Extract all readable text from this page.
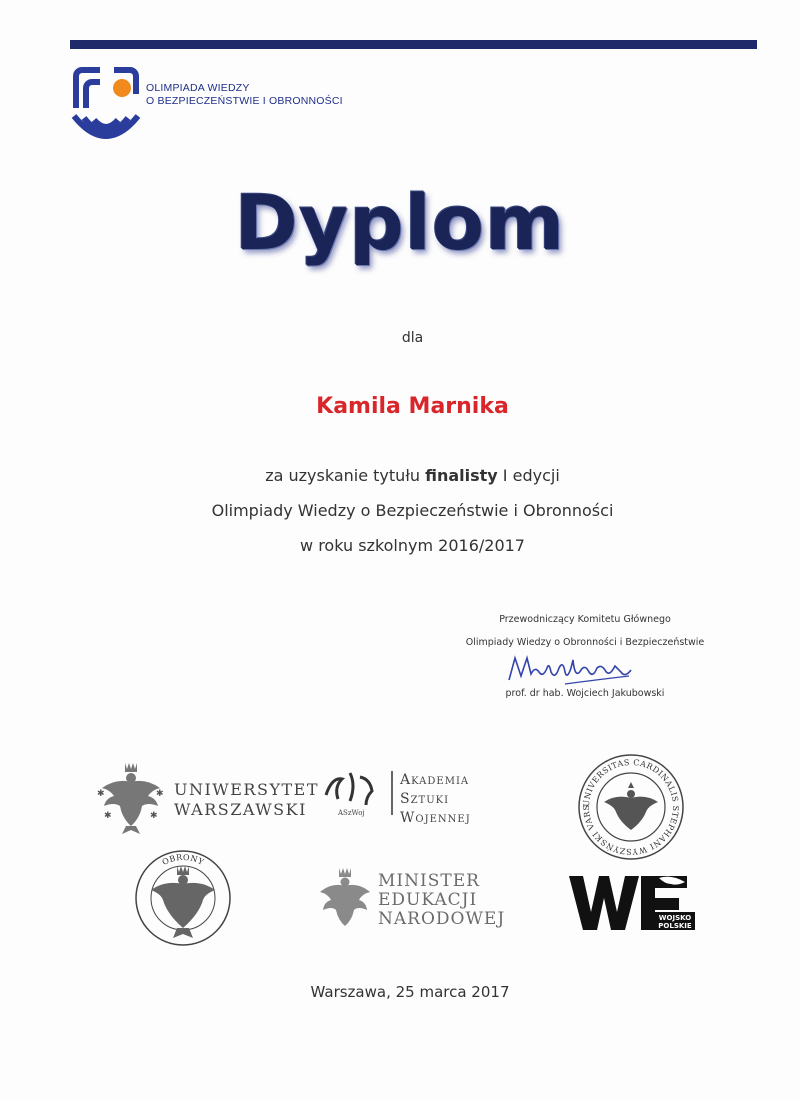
OLIMPIADA WIEDZY
O BEZPIECZEŃSTWIE I OBRONNOŚCI
Dyplom
dla
Kamila Marnika
za uzyskanie tytułu finalisty I edycji
Olimpiady Wiedzy o Bezpieczeństwie i Obronności
w roku szkolnym 2016/2017
Przewodniczący Komitetu Głównego
Olimpiady Wiedzy o Obronności i Bezpieczeństwie
prof. dr hab. Wojciech Jakubowski
✱	✱
✱	✱
UNIWERSYTET
WARSZAWSKI	ASzWoj
Akademia
Sztuki
Wojennej
UNIVERSITAS CARDINALIS STEPHANI WYSZYŃSKI VARS
OBRONY
MINISTER
EDUKACJI
NARODOWEJ	WOJSKO
POLSKIE
Warszawa, 25 marca 2017
